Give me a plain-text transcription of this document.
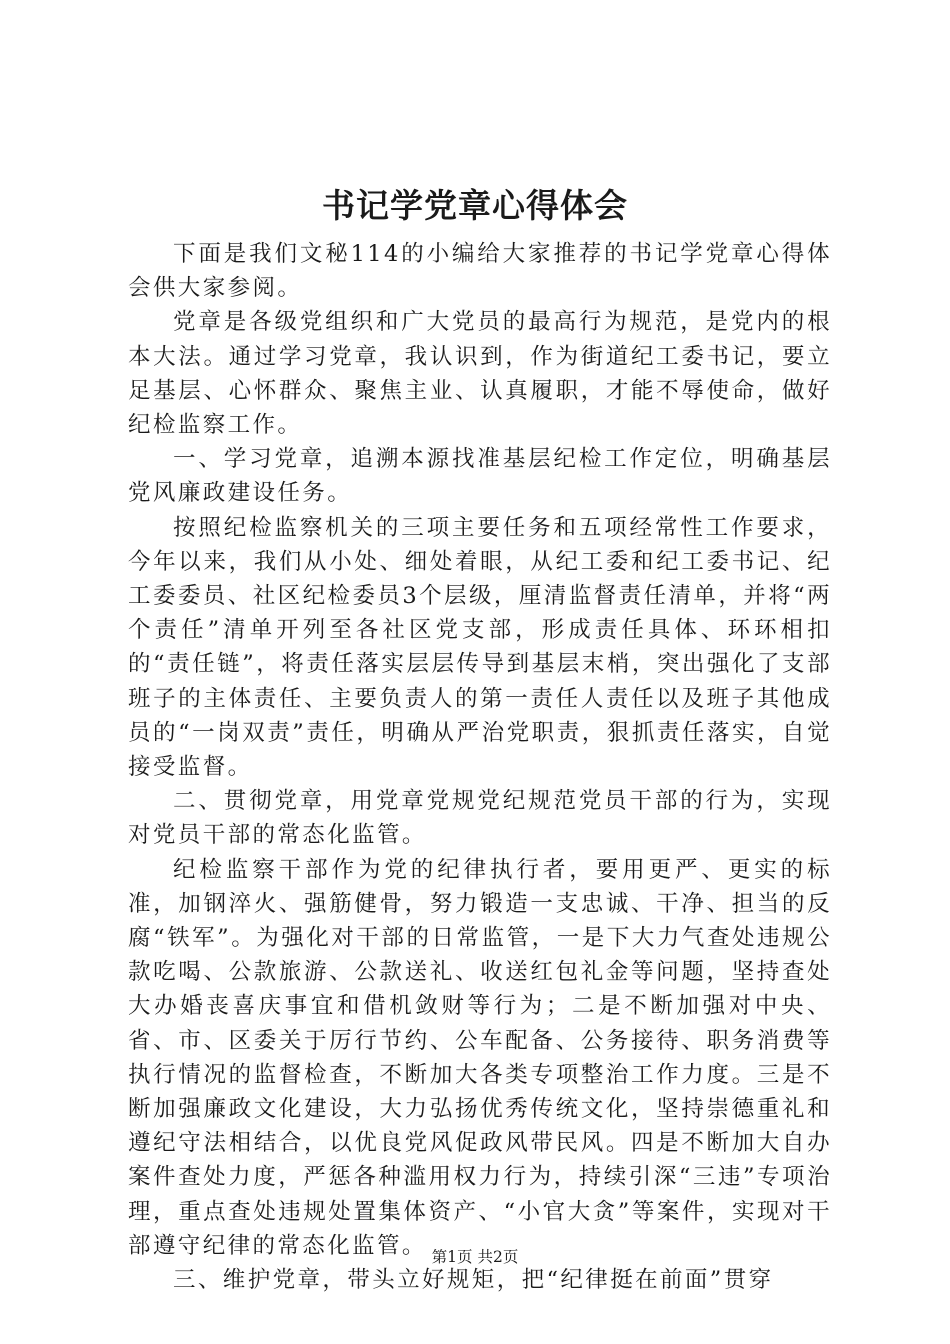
书记学党章心得体会

下面是我们文秘114的小编给大家推荐的书记学党章心得体会供大家参阅。

党章是各级党组织和广大党员的最高行为规范，是党内的根本大法。通过学习党章，我认识到，作为街道纪工委书记，要立足基层、心怀群众、聚焦主业、认真履职，才能不辱使命，做好纪检监察工作。

一、学习党章，追溯本源找准基层纪检工作定位，明确基层党风廉政建设任务。

按照纪检监察机关的三项主要任务和五项经常性工作要求，今年以来，我们从小处、细处着眼，从纪工委和纪工委书记、纪工委委员、社区纪检委员3个层级，厘清监督责任清单，并将“两个责任”清单开列至各社区党支部，形成责任具体、环环相扣的“责任链”，将责任落实层层传导到基层末梢，突出强化了支部班子的主体责任、主要负责人的第一责任人责任以及班子其他成员的“一岗双责”责任，明确从严治党职责，狠抓责任落实，自觉接受监督。

二、贯彻党章，用党章党规党纪规范党员干部的行为，实现对党员干部的常态化监管。

纪检监察干部作为党的纪律执行者，要用更严、更实的标准，加钢淬火、强筋健骨，努力锻造一支忠诚、干净、担当的反腐“铁军”。为强化对干部的日常监管，一是下大力气查处违规公款吃喝、公款旅游、公款送礼、收送红包礼金等问题，坚持查处大办婚丧喜庆事宜和借机敛财等行为；二是不断加强对中央、省、市、区委关于厉行节约、公车配备、公务接待、职务消费等执行情况的监督检查，不断加大各类专项整治工作力度。三是不断加强廉政文化建设，大力弘扬优秀传统文化，坚持崇德重礼和遵纪守法相结合，以优良党风促政风带民风。四是不断加大自办案件查处力度，严惩各种滥用权力行为，持续引深“三违”专项治理，重点查处违规处置集体资产、“小官大贪”等案件，实现对干部遵守纪律的常态化监管。

三、维护党章，带头立好规矩，把“纪律挺在前面”贯穿

第1页 共2页
